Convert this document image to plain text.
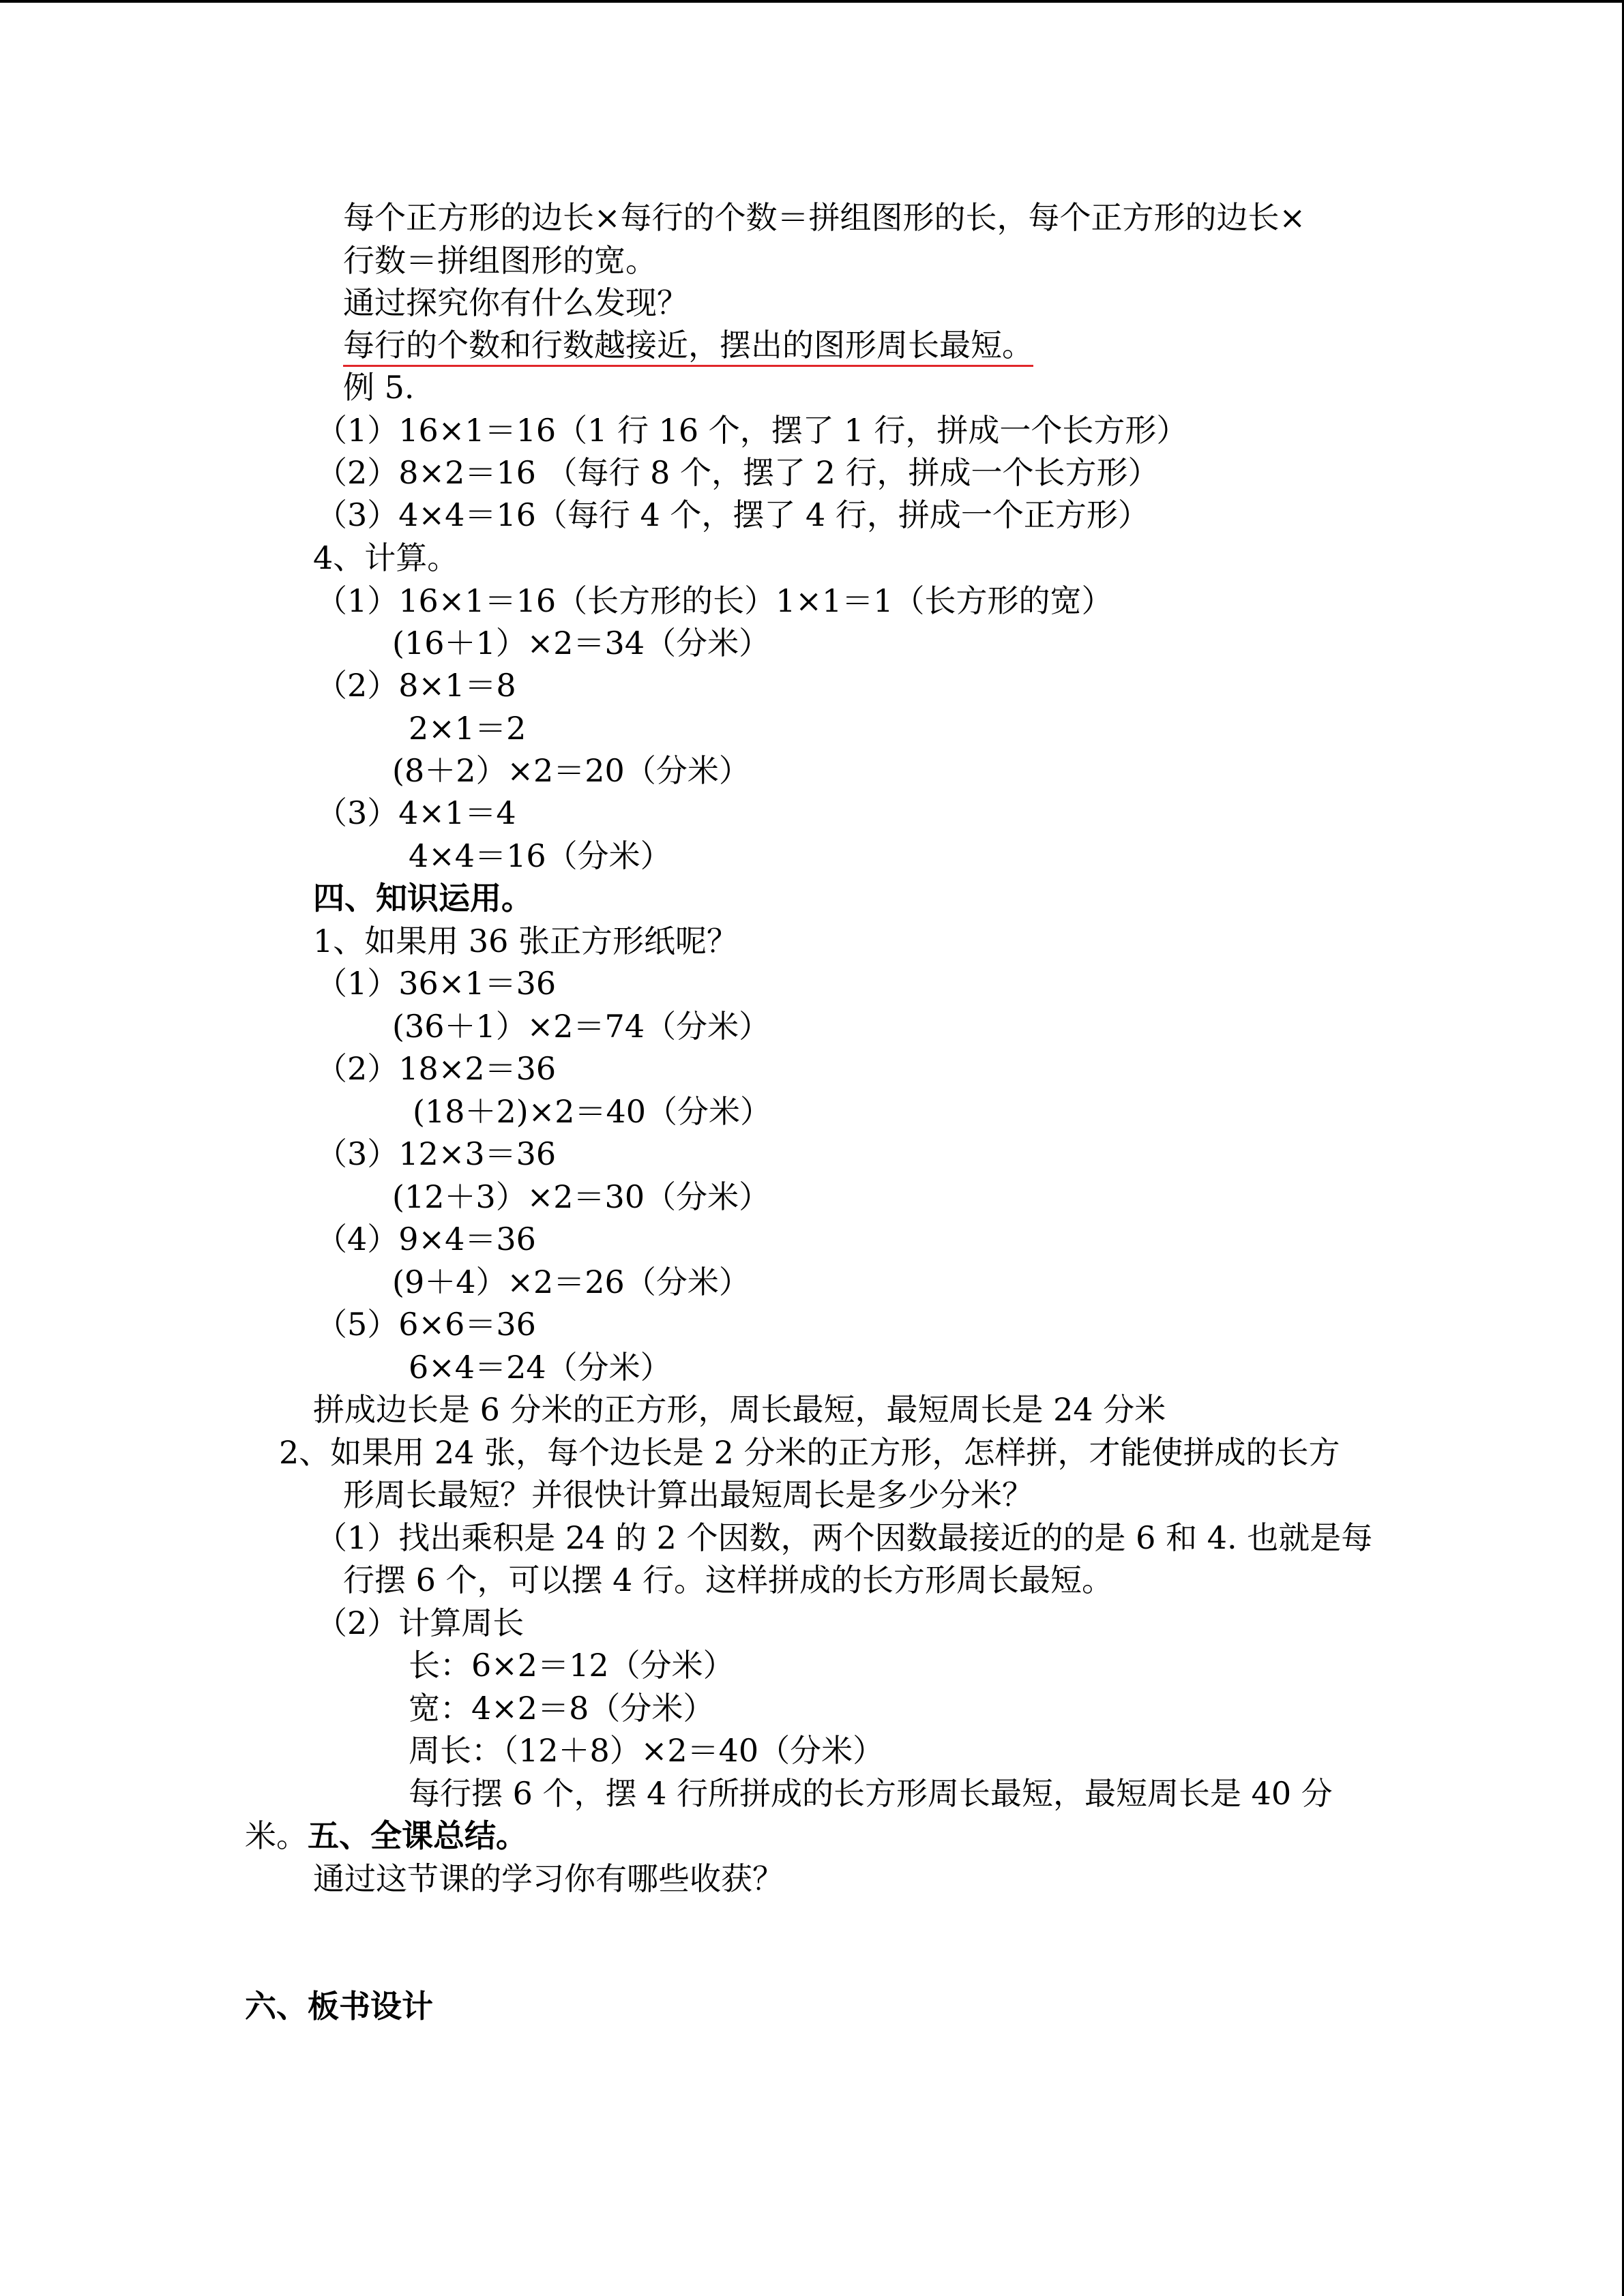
每个正方形的边长×每行的个数＝拼组图形的长，每个正方形的边长×
行数＝拼组图形的宽。
通过探究你有什么发现？
每行的个数和行数越接近，摆出的图形周长最短。
例 5.
（1）16×1＝16（1 行 16 个，摆了 1 行，拼成一个长方形）
（2）8×2＝16 （每行 8 个，摆了 2 行，拼成一个长方形）
（3）4×4＝16（每行 4 个，摆了 4 行，拼成一个正方形）
4、计算。
（1）16×1＝16（长方形的长）1×1＝1（长方形的宽）
(16＋1）×2＝34（分米）
（2）8×1＝8
2×1＝2
(8＋2）×2＝20（分米）
（3）4×1＝4
4×4＝16（分米）
四、知识运用。
1、如果用 36 张正方形纸呢？
（1）36×1＝36
(36＋1）×2＝74（分米）
（2）18×2＝36
(18＋2)×2＝40（分米）
（3）12×3＝36
(12＋3）×2＝30（分米）
（4）9×4＝36
(9＋4）×2＝26（分米）
（5）6×6＝36
6×4＝24（分米）
拼成边长是 6 分米的正方形，周长最短，最短周长是 24 分米
2、如果用 24 张，每个边长是 2 分米的正方形，怎样拼，才能使拼成的长方
形周长最短？并很快计算出最短周长是多少分米？
（1）找出乘积是 24 的 2 个因数，两个因数最接近的的是 6 和 4. 也就是每
行摆 6 个，可以摆 4 行。这样拼成的长方形周长最短。
（2）计算周长
长：6×2＝12（分米）
宽：4×2＝8（分米）
周长：（12＋8）×2＝40（分米）
每行摆 6 个，摆 4 行所拼成的长方形周长最短，最短周长是 40 分
米。五、全课总结。
通过这节课的学习你有哪些收获？
六、板书设计
